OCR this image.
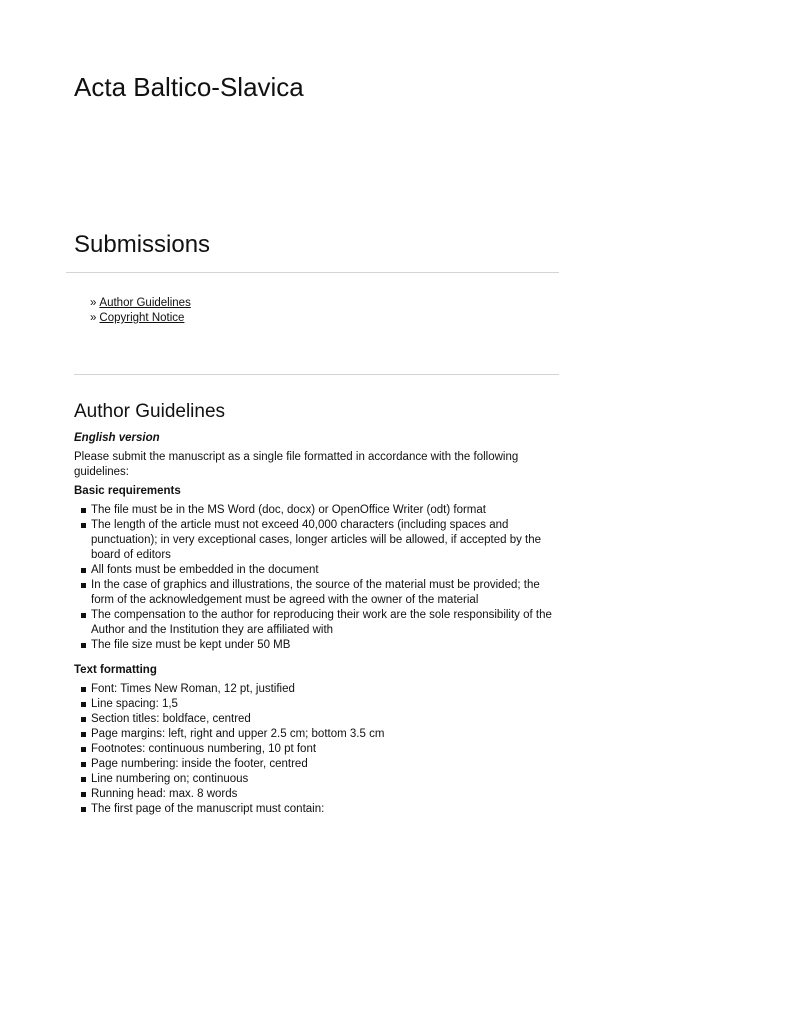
Acta Baltico-Slavica
Submissions
» Author Guidelines
» Copyright Notice
Author Guidelines

English version

Please submit the manuscript as a single file formatted in accordance with the following guidelines:

Basic requirements

The file must be in the MS Word (doc, docx) or OpenOffice Writer (odt) format
The length of the article must not exceed 40,000 characters (including spaces and punctuation); in very exceptional cases, longer articles will be allowed, if accepted by the board of editors
All fonts must be embedded in the document
In the case of graphics and illustrations, the source of the material must be provided; the form of the acknowledgement must be agreed with the owner of the material
The compensation to the author for reproducing their work are the sole responsibility of the Author and the Institution they are affiliated with
The file size must be kept under 50 MB

Text formatting

Font: Times New Roman, 12 pt, justified
Line spacing: 1,5
Section titles: boldface, centred
Page margins: left, right and upper 2.5 cm; bottom 3.5 cm
Footnotes: continuous numbering, 10 pt font
Page numbering: inside the footer, centred
Line numbering on; continuous
Running head: max. 8 words
The first page of the manuscript must contain:
